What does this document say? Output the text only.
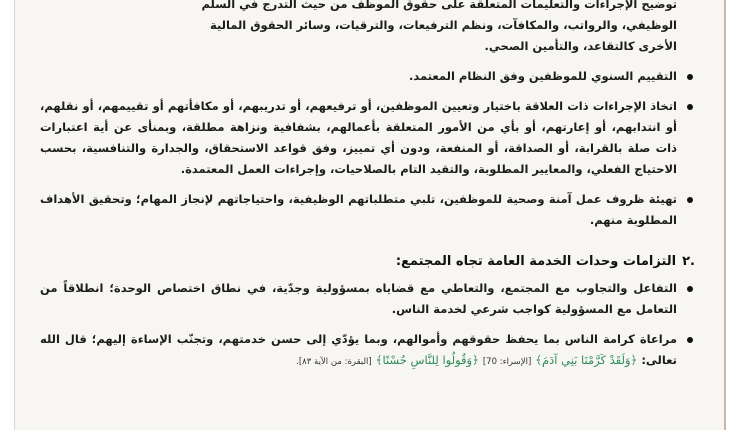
توضيح الإجراءات والتعليمات المتعلقة على حقوق الموظف من حيث التدرج في السلم
الوظيفي، والرواتب، والمكافآت، ونظم الترفيعات، والترقيات، وسائر الحقوق المالية
الأخرى كالتقاعد، والتأمين الصحي.
التقييم السنوي للموظفين وفق النظام المعتمد.
اتخاذ الإجراءات ذات العلاقة باختيار وتعيين الموظفين، أو ترفيعهم، أو تدريبهم، أو مكافأتهم أو تقييمهم، أو نقلهم، أو انتدابهم، أو إعارتهم، أو بأي من الأمور المتعلقة بأعمالهم، بشفافية ونزاهة مطلقة، وبمنأى عن أية اعتبارات ذات صلة بالقرابة، أو الصداقة، أو المنفعة، ودون أي تمييز، وفق قواعد الاستحقاق، والجدارة والتنافسية، بحسب الاحتياج الفعلي، والمعايير المطلوبة، والتقيد التام بالصلاحيات، وإجراءات العمل المعتمدة.
تهيئة ظروف عمل آمنة وصحية للموظفين، تلبي متطلباتهم الوظيفية، واحتياجاتهم لإنجاز المهام؛ وتحقيق الأهداف المطلوبة منهم.
.٢
التزامات وحدات الخدمة العامة تجاه المجتمع:
التفاعل والتجاوب مع المجتمع، والتعاطي مع قضاياه بمسؤولية وجدّية، في نطاق اختصاص الوحدة؛ انطلاقاً من التعامل مع المسؤولية كواجب شرعي لخدمة الناس.
مراعاة كرامة الناس بما يحفظ حقوقهم وأموالهم، وبما يؤدّي إلى حسن خدمتهم، وتجنّب الإساءة إليهم؛ قال الله تعالى: ﴿وَلَقَدْ كَرَّمْنَا بَنِي آدَمَ﴾ [الإسراء: 70] ﴿وَقُولُوا لِلنَّاسِ حُسْنًا﴾ [البقرة: من الآية ٨٣].
